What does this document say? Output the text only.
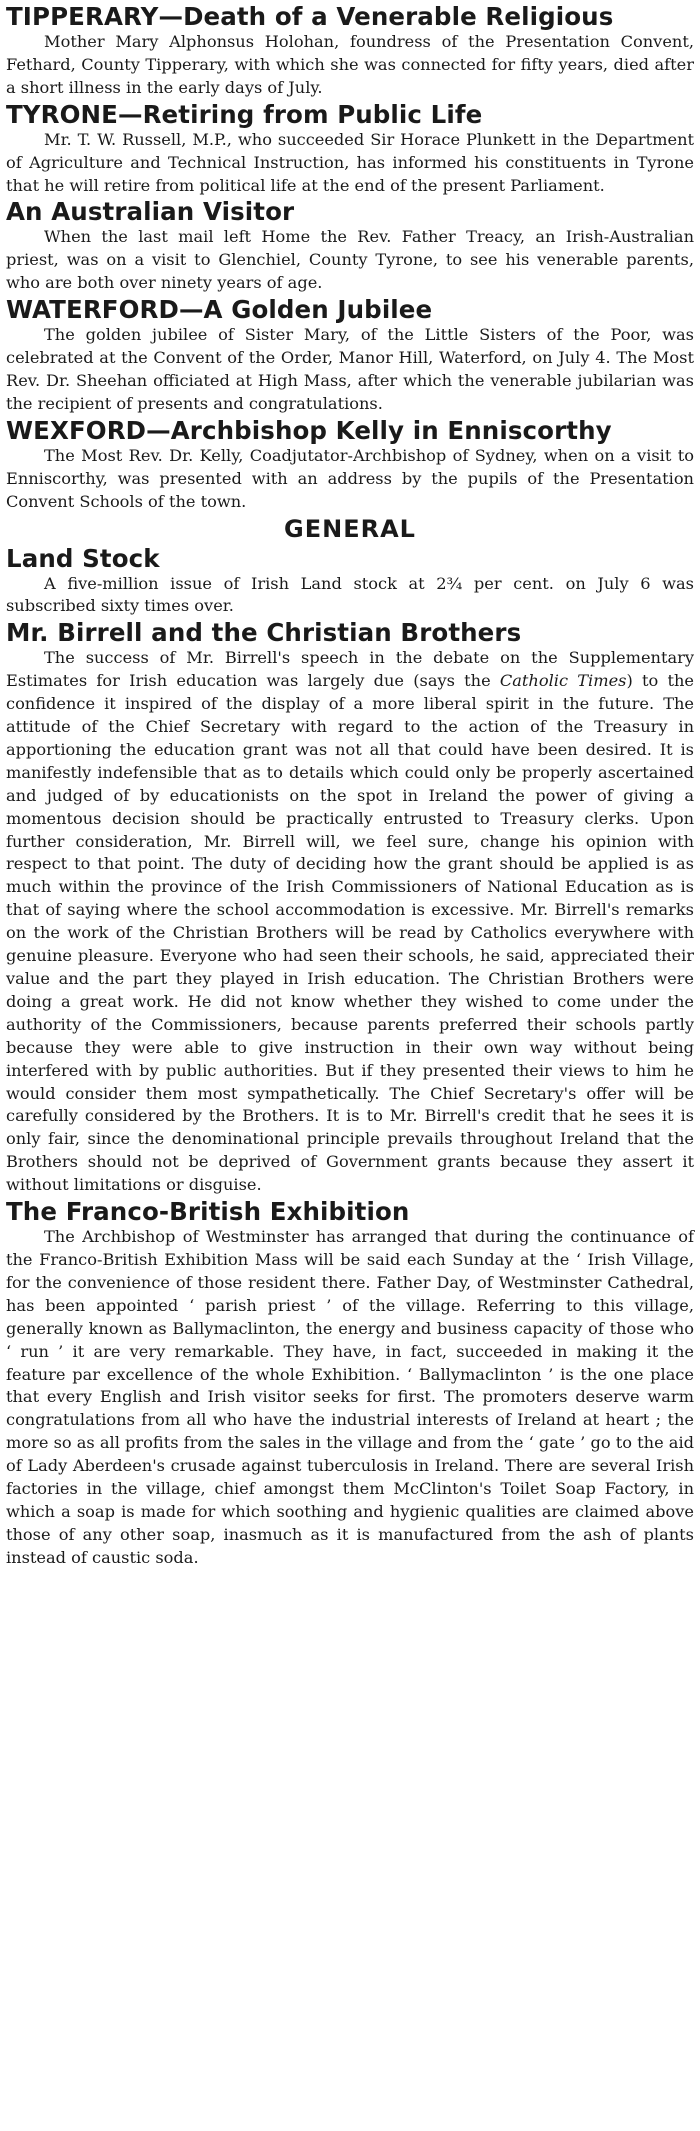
TIPPERARY—Death of a Venerable Religious

Mother Mary Alphonsus Holohan, foundress of the Presentation Convent, Fethard, County Tipperary, with which she was connected for fifty years, died after a short illness in the early days of July.

TYRONE—Retiring from Public Life

Mr. T. W. Russell, M.P., who succeeded Sir Horace Plunkett in the Department of Agriculture and Technical Instruction, has informed his constituents in Tyrone that he will retire from political life at the end of the present Parliament.

An Australian Visitor

When the last mail left Home the Rev. Father Treacy, an Irish-Australian priest, was on a visit to Glenchiel, County Tyrone, to see his venerable parents, who are both over ninety years of age.

WATERFORD—A Golden Jubilee

The golden jubilee of Sister Mary, of the Little Sisters of the Poor, was celebrated at the Convent of the Order, Manor Hill, Waterford, on July 4. The Most Rev. Dr. Sheehan officiated at High Mass, after which the venerable jubilarian was the recipient of presents and congratulations.

WEXFORD—Archbishop Kelly in Enniscorthy

The Most Rev. Dr. Kelly, Coadjutator-Archbishop of Sydney, when on a visit to Enniscorthy, was presented with an address by the pupils of the Presentation Convent Schools of the town.

GENERAL
Land Stock

A five-million issue of Irish Land stock at 2¾ per cent. on July 6 was subscribed sixty times over.

Mr. Birrell and the Christian Brothers

The success of Mr. Birrell's speech in the debate on the Supplementary Estimates for Irish education was largely due (says the Catholic Times) to the confidence it inspired of the display of a more liberal spirit in the future. The attitude of the Chief Secretary with regard to the action of the Treasury in apportioning the education grant was not all that could have been desired. It is manifestly indefensible that as to details which could only be properly ascertained and judged of by educationists on the spot in Ireland the power of giving a momentous decision should be practically entrusted to Treasury clerks. Upon further consideration, Mr. Birrell will, we feel sure, change his opinion with respect to that point. The duty of deciding how the grant should be applied is as much within the province of the Irish Commissioners of National Education as is that of saying where the school accommodation is excessive. Mr. Birrell's remarks on the work of the Christian Brothers will be read by Catholics everywhere with genuine pleasure. Everyone who had seen their schools, he said, appreciated their value and the part they played in Irish education. The Christian Brothers were doing a great work. He did not know whether they wished to come under the authority of the Commissioners, because parents preferred their schools partly because they were able to give instruction in their own way without being interfered with by public authorities. But if they presented their views to him he would consider them most sympathetically. The Chief Secretary's offer will be carefully considered by the Brothers. It is to Mr. Birrell's credit that he sees it is only fair, since the denominational principle prevails throughout Ireland that the Brothers should not be deprived of Government grants because they assert it without limitations or disguise.

The Franco-British Exhibition

The Archbishop of Westminster has arranged that during the continuance of the Franco-British Exhibition Mass will be said each Sunday at the ‘ Irish Village, for the convenience of those resident there. Father Day, of Westminster Cathedral, has been appointed ‘ parish priest ’ of the village. Referring to this village, generally known as Ballymaclinton, the energy and business capacity of those who ‘ run ’ it are very remarkable. They have, in fact, succeeded in making it the feature par excellence of the whole Exhibition. ‘ Ballymaclinton ’ is the one place that every English and Irish visitor seeks for first. The promoters deserve warm congratulations from all who have the industrial interests of Ireland at heart ; the more so as all profits from the sales in the village and from the ‘ gate ’ go to the aid of Lady Aberdeen's crusade against tuberculosis in Ireland. There are several Irish factories in the village, chief amongst them McClinton's Toilet Soap Factory, in which a soap is made for which soothing and hygienic qualities are claimed above those of any other soap, inasmuch as it is manufactured from the ash of plants instead of caustic soda.
